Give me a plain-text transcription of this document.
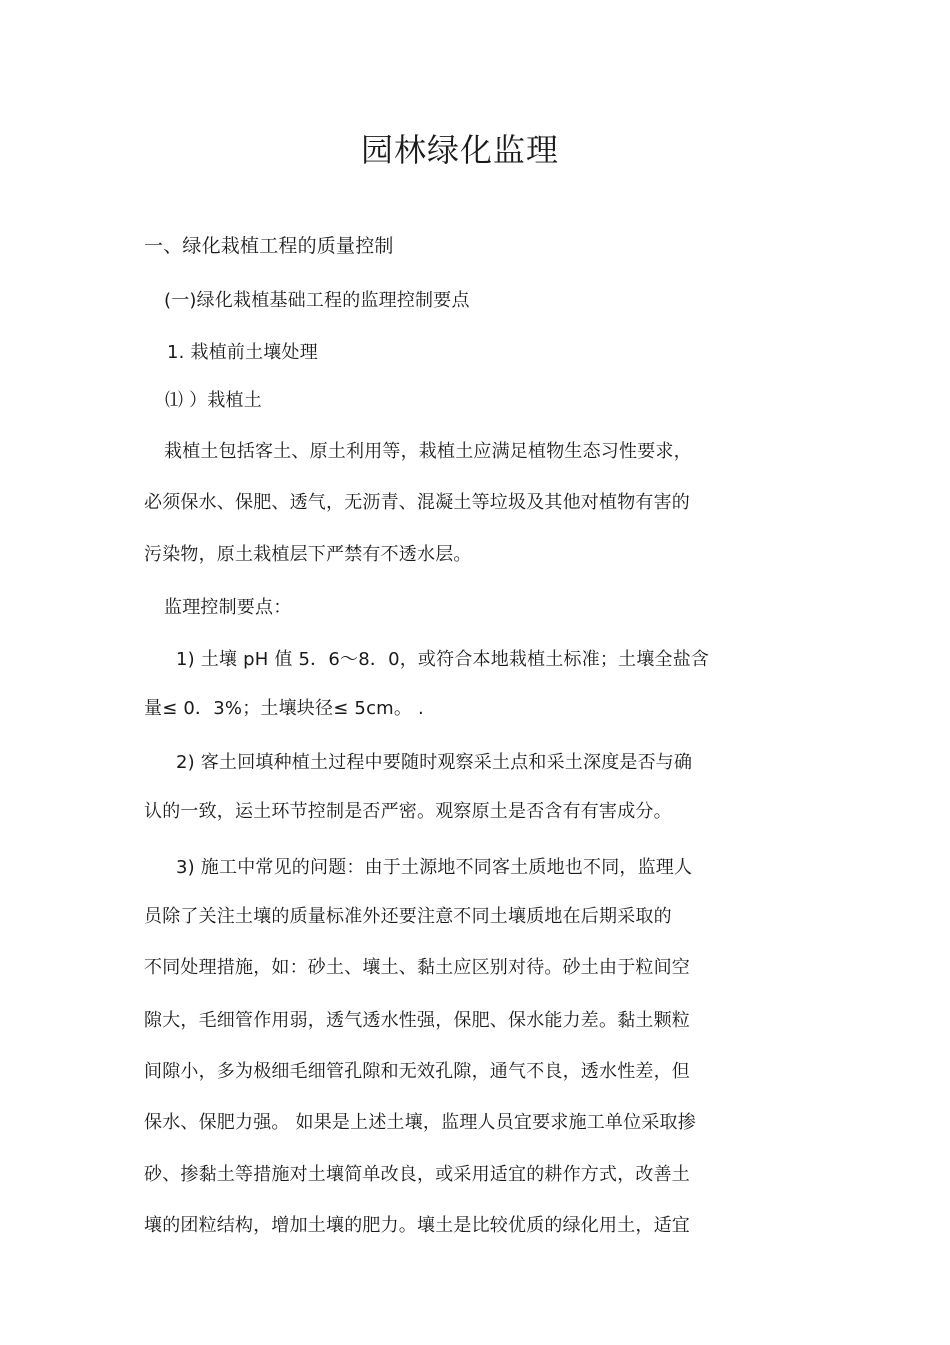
园林绿化监理
一、绿化栽植工程的质量控制
(一)绿化栽植基础工程的监理控制要点
1. 栽植前土壤处理
⑴ ）栽植土
栽植土包括客土、原土利用等，栽植土应满足植物生态习性要求，
必须保水、保肥、透气，无沥青、混凝土等垃圾及其他对植物有害的
污染物，原土栽植层下严禁有不透水层。
监理控制要点：
1) 土壤 pH 值 5．6～8．0，或符合本地栽植土标准；土壤全盐含
量≤ 0．3%；土壤块径≤ 5cm。 .
2) 客土回填种植土过程中要随时观察采土点和采土深度是否与确
认的一致，运土环节控制是否严密。观察原土是否含有有害成分。
3) 施工中常见的问题：由于土源地不同客土质地也不同，监理人
员除了关注土壤的质量标准外还要注意不同土壤质地在后期采取的
不同处理措施，如：砂土、壤土、黏土应区别对待。砂土由于粒间空
隙大，毛细管作用弱，透气透水性强，保肥、保水能力差。黏土颗粒
间隙小，多为极细毛细管孔隙和无效孔隙，通气不良，透水性差，但
保水、保肥力强。 如果是上述土壤，监理人员宜要求施工单位采取掺
砂、掺黏土等措施对土壤简单改良，或采用适宜的耕作方式，改善土
壤的团粒结构，增加土壤的肥力。壤土是比较优质的绿化用土，适宜
